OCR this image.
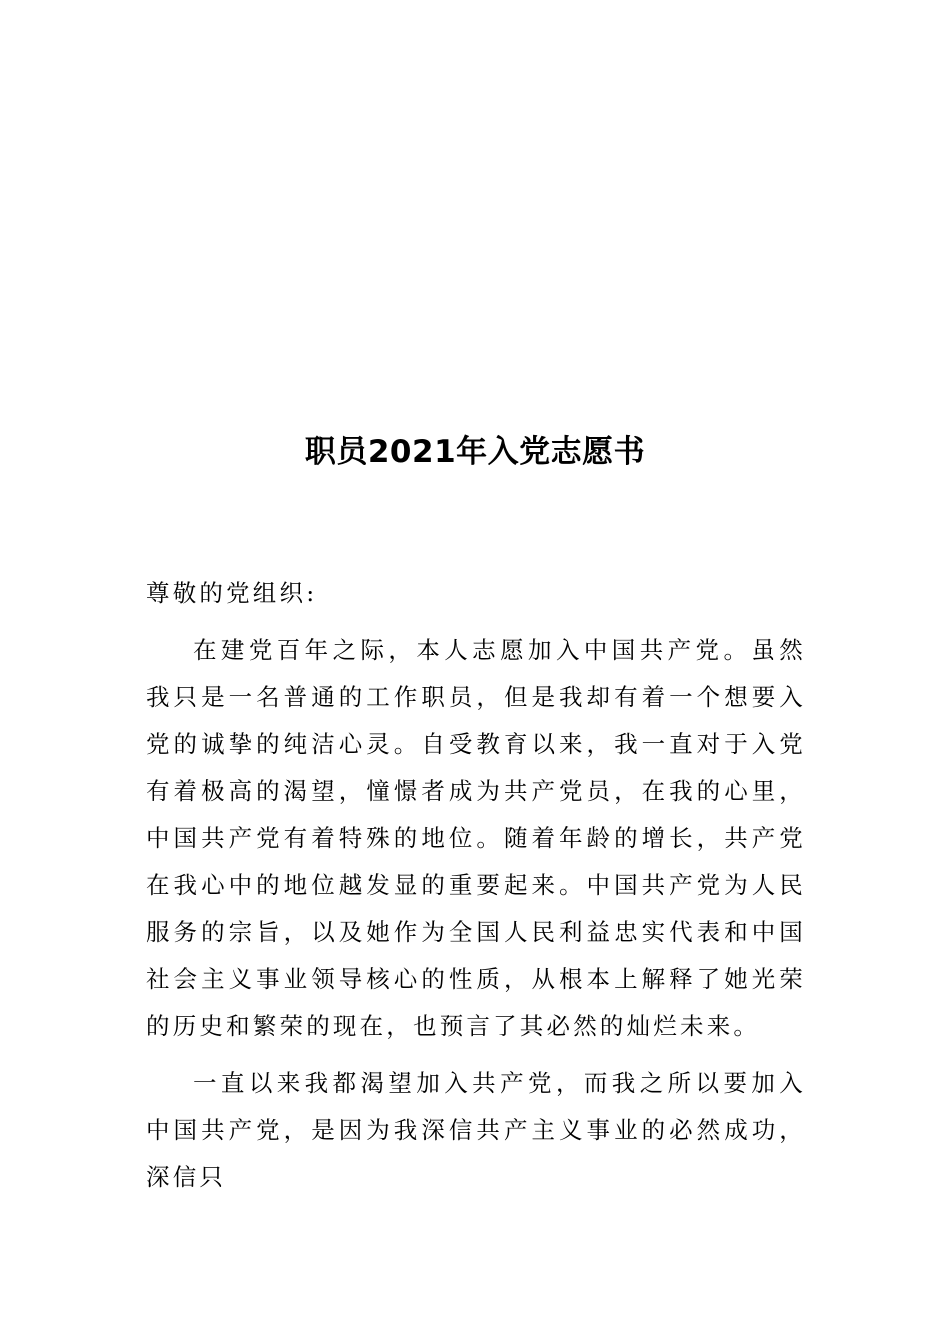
职员2021年入党志愿书

尊敬的党组织:

在建党百年之际，本人志愿加入中国共产党。虽然我只是一名普通的工作职员，但是我却有着一个想要入党的诚挚的纯洁心灵。自受教育以来，我一直对于入党有着极高的渴望，憧憬者成为共产党员，在我的心里，中国共产党有着特殊的地位。随着年龄的增长，共产党在我心中的地位越发显的重要起来。中国共产党为人民服务的宗旨，以及她作为全国人民利益忠实代表和中国社会主义事业领导核心的性质，从根本上解释了她光荣的历史和繁荣的现在，也预言了其必然的灿烂未来。

一直以来我都渴望加入共产党，而我之所以要加入中国共产党，是因为我深信共产主义事业的必然成功，深信只
